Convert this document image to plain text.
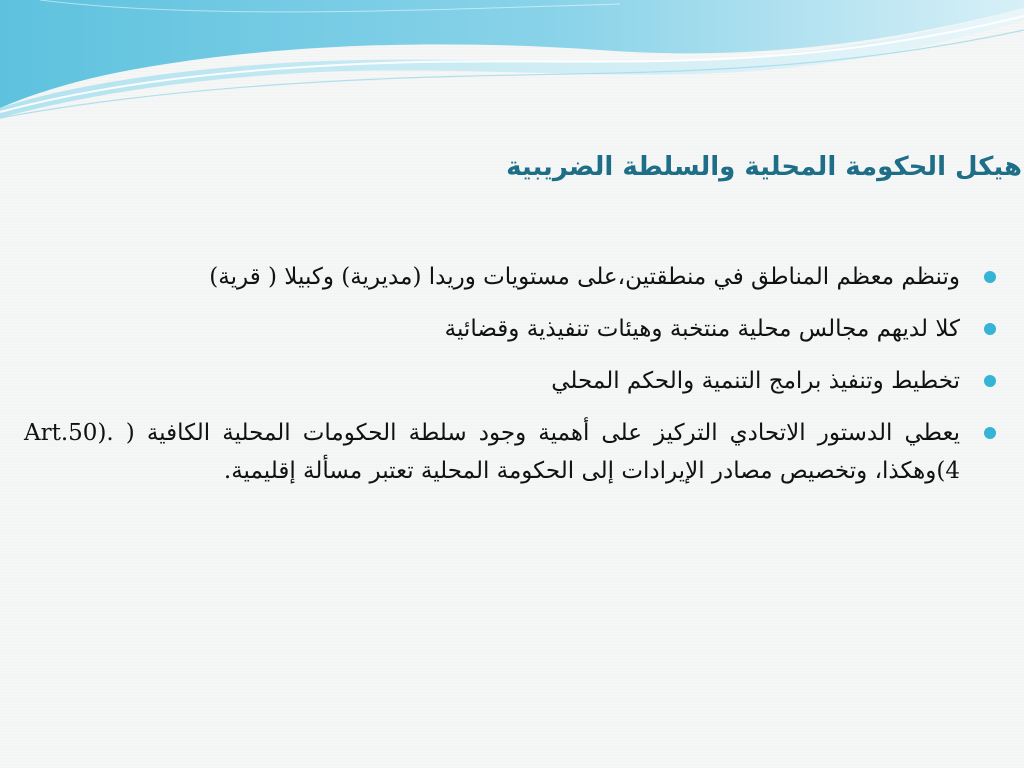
هيكل الحكومة المحلية والسلطة الضريبية
وتنظم معظم المناطق في منطقتين،على مستويات وريدا (مديرية) وكبيلا ( قرية)
كلا لديهم مجالس محلية منتخبة وهيئات تنفيذية وقضائية
تخطيط وتنفيذ برامج التنمية والحكم المحلي
يعطي الدستور الاتحادي التركيز على أهمية وجود سلطة الحكومات المحلية الكافية ( .(Art.50 (4وهكذا، وتخصيص مصادر الإيرادات إلى الحكومة المحلية تعتبر مسألة إقليمية.
